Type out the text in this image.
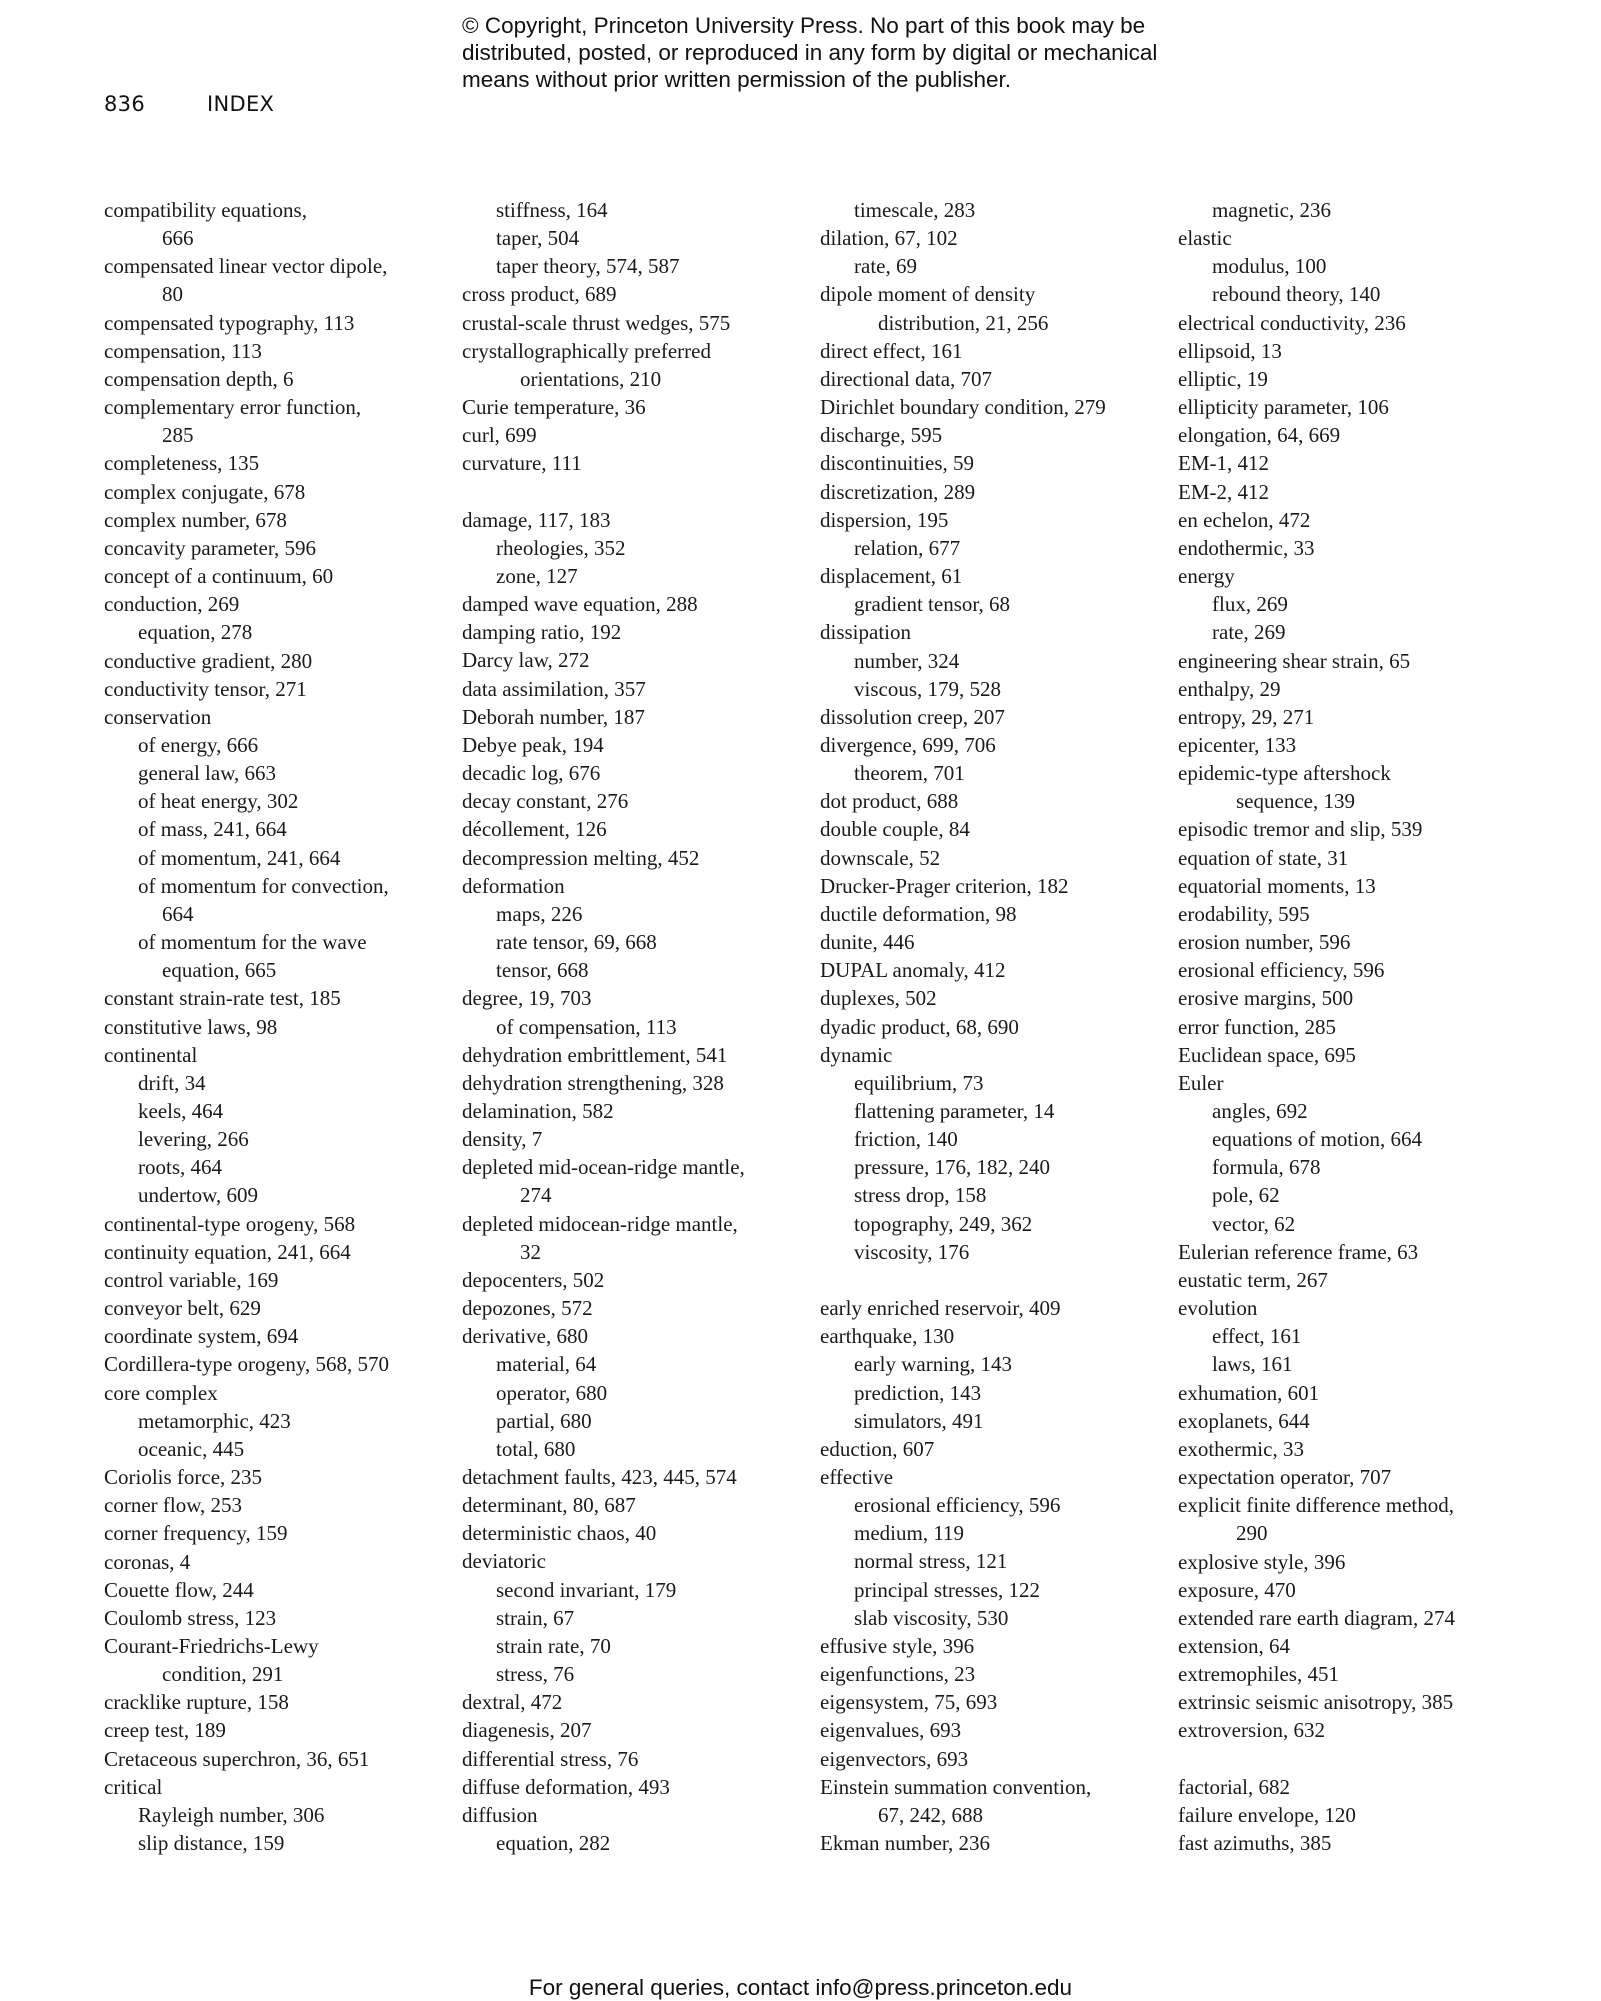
© Copyright, Princeton University Press. No part of this book may be
distributed, posted, or reproduced in any form by digital or mechanical
means without prior written permission of the publisher.
836	INDEX
compatibility equations,
666
compensated linear vector dipole,
80
compensated typography, 113
compensation, 113
compensation depth, 6
complementary error function,
285
completeness, 135
complex conjugate, 678
complex number, 678
concavity parameter, 596
concept of a continuum, 60
conduction, 269
equation, 278
conductive gradient, 280
conductivity tensor, 271
conservation
of energy, 666
general law, 663
of heat energy, 302
of mass, 241, 664
of momentum, 241, 664
of momentum for convection,
664
of momentum for the wave
equation, 665
constant strain-rate test, 185
constitutive laws, 98
continental
drift, 34
keels, 464
levering, 266
roots, 464
undertow, 609
continental-type orogeny, 568
continuity equation, 241, 664
control variable, 169
conveyor belt, 629
coordinate system, 694
Cordillera-type orogeny, 568, 570
core complex
metamorphic, 423
oceanic, 445
Coriolis force, 235
corner flow, 253
corner frequency, 159
coronas, 4
Couette flow, 244
Coulomb stress, 123
Courant-Friedrichs-Lewy
condition, 291
cracklike rupture, 158
creep test, 189
Cretaceous superchron, 36, 651
critical
Rayleigh number, 306
slip distance, 159
stiffness, 164
taper, 504
taper theory, 574, 587
cross product, 689
crustal-scale thrust wedges, 575
crystallographically preferred
orientations, 210
Curie temperature, 36
curl, 699
curvature, 111
damage, 117, 183
rheologies, 352
zone, 127
damped wave equation, 288
damping ratio, 192
Darcy law, 272
data assimilation, 357
Deborah number, 187
Debye peak, 194
decadic log, 676
decay constant, 276
décollement, 126
decompression melting, 452
deformation
maps, 226
rate tensor, 69, 668
tensor, 668
degree, 19, 703
of compensation, 113
dehydration embrittlement, 541
dehydration strengthening, 328
delamination, 582
density, 7
depleted mid-ocean-ridge mantle,
274
depleted midocean-ridge mantle,
32
depocenters, 502
depozones, 572
derivative, 680
material, 64
operator, 680
partial, 680
total, 680
detachment faults, 423, 445, 574
determinant, 80, 687
deterministic chaos, 40
deviatoric
second invariant, 179
strain, 67
strain rate, 70
stress, 76
dextral, 472
diagenesis, 207
differential stress, 76
diffuse deformation, 493
diffusion
equation, 282
timescale, 283
dilation, 67, 102
rate, 69
dipole moment of density
distribution, 21, 256
direct effect, 161
directional data, 707
Dirichlet boundary condition, 279
discharge, 595
discontinuities, 59
discretization, 289
dispersion, 195
relation, 677
displacement, 61
gradient tensor, 68
dissipation
number, 324
viscous, 179, 528
dissolution creep, 207
divergence, 699, 706
theorem, 701
dot product, 688
double couple, 84
downscale, 52
Drucker-Prager criterion, 182
ductile deformation, 98
dunite, 446
DUPAL anomaly, 412
duplexes, 502
dyadic product, 68, 690
dynamic
equilibrium, 73
flattening parameter, 14
friction, 140
pressure, 176, 182, 240
stress drop, 158
topography, 249, 362
viscosity, 176
early enriched reservoir, 409
earthquake, 130
early warning, 143
prediction, 143
simulators, 491
eduction, 607
effective
erosional efficiency, 596
medium, 119
normal stress, 121
principal stresses, 122
slab viscosity, 530
effusive style, 396
eigenfunctions, 23
eigensystem, 75, 693
eigenvalues, 693
eigenvectors, 693
Einstein summation convention,
67, 242, 688
Ekman number, 236
magnetic, 236
elastic
modulus, 100
rebound theory, 140
electrical conductivity, 236
ellipsoid, 13
elliptic, 19
ellipticity parameter, 106
elongation, 64, 669
EM-1, 412
EM-2, 412
en echelon, 472
endothermic, 33
energy
flux, 269
rate, 269
engineering shear strain, 65
enthalpy, 29
entropy, 29, 271
epicenter, 133
epidemic-type aftershock
sequence, 139
episodic tremor and slip, 539
equation of state, 31
equatorial moments, 13
erodability, 595
erosion number, 596
erosional efficiency, 596
erosive margins, 500
error function, 285
Euclidean space, 695
Euler
angles, 692
equations of motion, 664
formula, 678
pole, 62
vector, 62
Eulerian reference frame, 63
eustatic term, 267
evolution
effect, 161
laws, 161
exhumation, 601
exoplanets, 644
exothermic, 33
expectation operator, 707
explicit finite difference method,
290
explosive style, 396
exposure, 470
extended rare earth diagram, 274
extension, 64
extremophiles, 451
extrinsic seismic anisotropy, 385
extroversion, 632
factorial, 682
failure envelope, 120
fast azimuths, 385
For general queries, contact info@press.princeton.edu
